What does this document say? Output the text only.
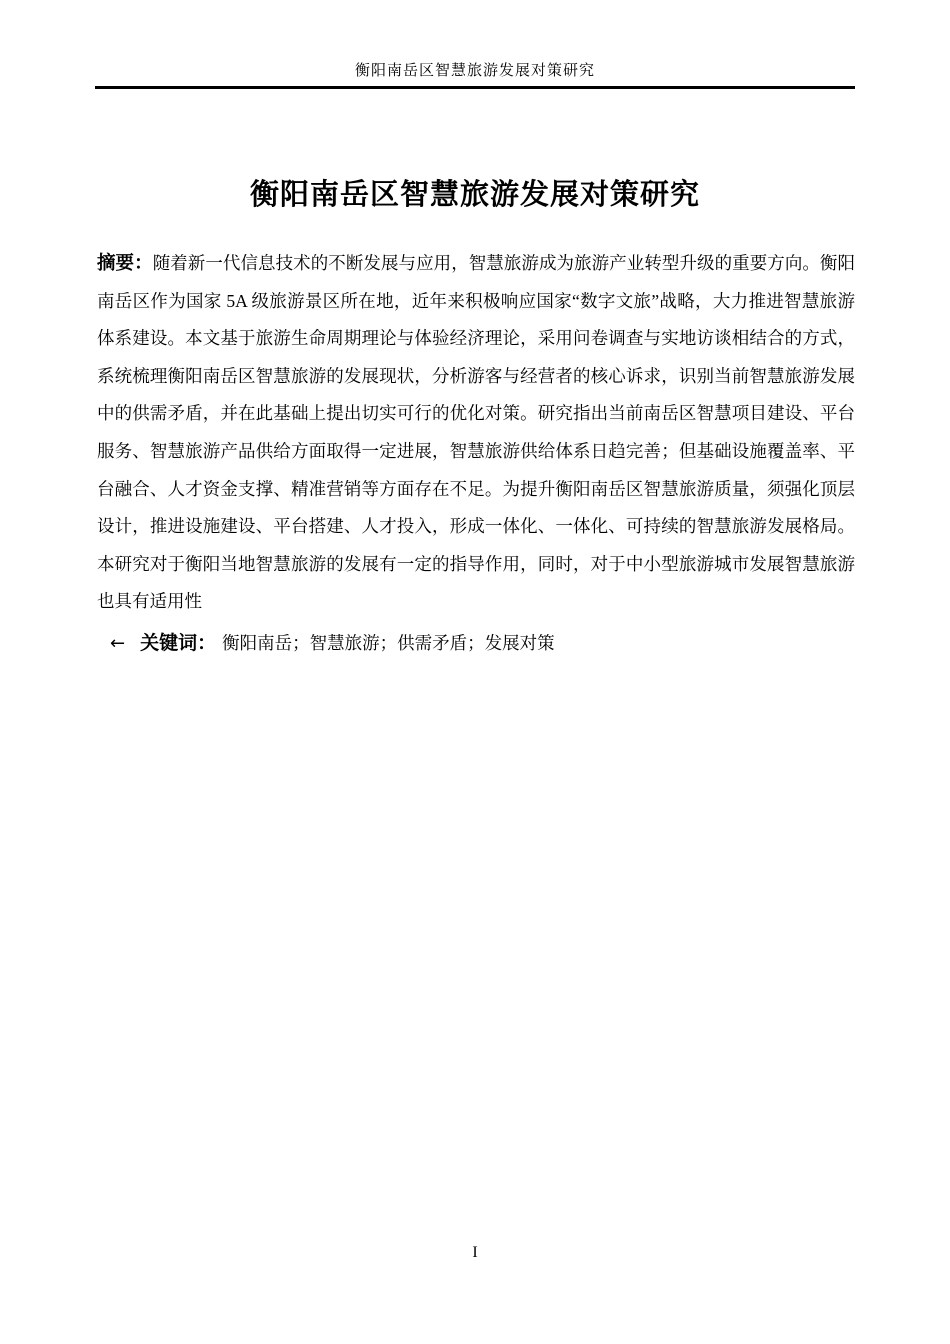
衡阳南岳区智慧旅游发展对策研究
衡阳南岳区智慧旅游发展对策研究

摘要：随着新一代信息技术的不断发展与应用，智慧旅游成为旅游产业转型升级的重要方向。衡阳南岳区作为国家 5A 级旅游景区所在地，近年来积极响应国家“数字文旅”战略，大力推进智慧旅游体系建设。本文基于旅游生命周期理论与体验经济理论，采用问卷调查与实地访谈相结合的方式，系统梳理衡阳南岳区智慧旅游的发展现状，分析游客与经营者的核心诉求，识别当前智慧旅游发展中的供需矛盾，并在此基础上提出切实可行的优化对策。研究指出当前南岳区智慧项目建设、平台服务、智慧旅游产品供给方面取得一定进展，智慧旅游供给体系日趋完善；但基础设施覆盖率、平台融合、人才资金支撑、精准营销等方面存在不足。为提升衡阳南岳区智慧旅游质量，须强化顶层设计，推进设施建设、平台搭建、人才投入，形成一体化、一体化、可持续的智慧旅游发展格局。本研究对于衡阳当地智慧旅游的发展有一定的指导作用，同时，对于中小型旅游城市发展智慧旅游也具有适用性

← 关键词： 衡阳南岳；智慧旅游；供需矛盾；发展对策
I
